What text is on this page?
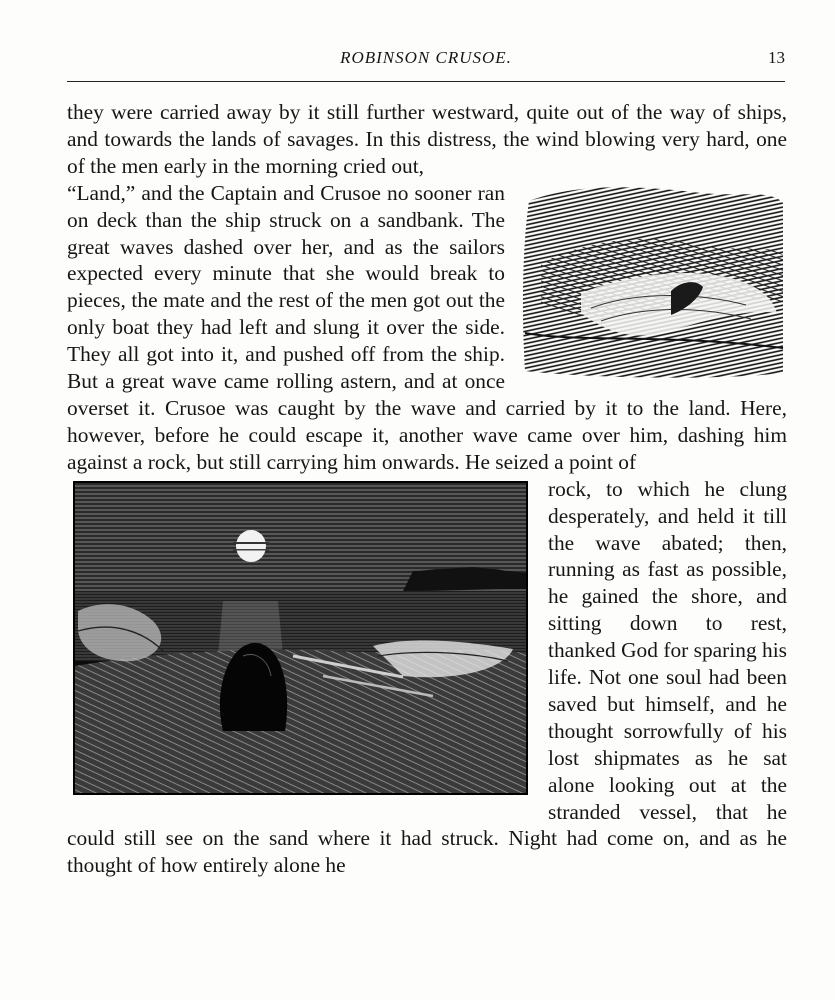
ROBINSON CRUSOE.	13

they were carried away by it still further westward, quite out of the way of ships, and towards the lands of savages. In this distress, the wind blowing very hard, one of the men early in the morning cried out,

“Land,” and the Captain and Crusoe no sooner ran on deck than the ship struck on a sandbank. The great waves dashed over her, and as the sailors expected every minute that she would break to pieces, the mate and the rest of the men got out the only boat they had left and slung it over the side. They all got into it, and pushed off from the ship. But a great wave came rolling astern, and at once overset it. Crusoe was caught by the wave and carried by it to the land. Here, however, before he could escape it, another wave came over him, dashing him against a rock, but still carrying him onwards. He seized a point of

rock, to which he clung desperately, and held it till the wave abated; then, running as fast as possible, he gained the shore, and sitting down to rest, thanked God for sparing his life. Not one soul had been saved but himself, and he thought sorrowfully of his lost shipmates as he sat alone looking out at the stranded vessel, that he could still see on the sand where it had struck. Night had come on, and as he thought of how entirely alone he
